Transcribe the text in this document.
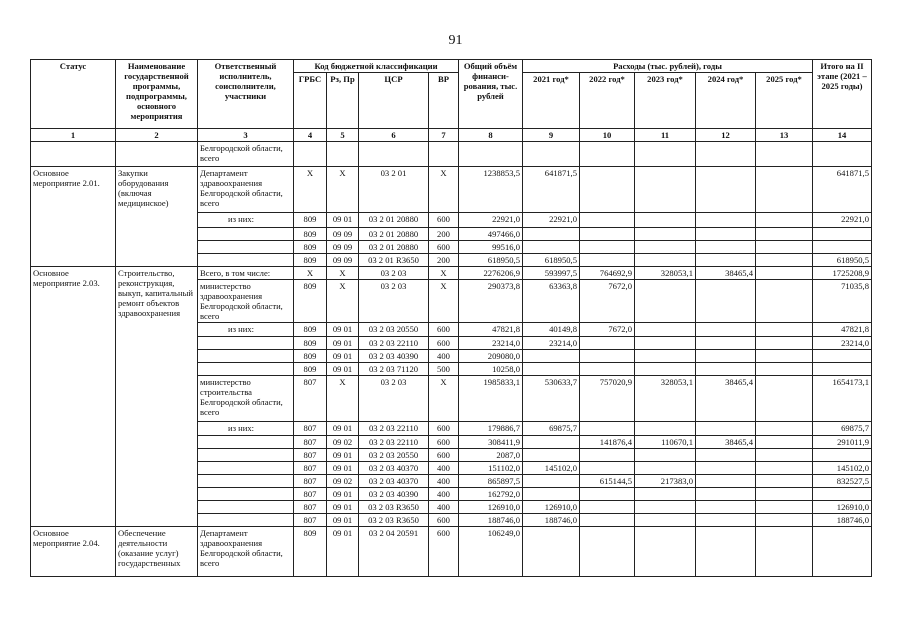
91
Статус	Наименование государственной программы, подпрограммы, основного мероприятия	Ответственный исполнитель, соисполнители, участники	Код бюджетной классификации				Общий объём финанси-рования, тыс. рублей	Расходы (тыс. рублей), годы					Итого на II этапе (2021 – 2025 годы)
			ГРБС	Рз, Пр	ЦСР	ВР		2021 год*	2022 год*	2023 год*	2024 год*	2025 год*	
1	2	3	4	5	6	7	8	9	10	11	12	13	14
		Белгородской области, всего											
Основное мероприятие 2.01.	Закупки оборудования (включая медицинское)	Департамент здравоохранения Белгородской области, всего	Х	Х	03 2 01	Х	1238853,5	641871,5					641871,5
		из них:	809	09 01	03 2 01 20880	600	22921,0	22921,0					22921,0
			809	09 09	03 2 01 20880	200	497466,0						
			809	09 09	03 2 01 20880	600	99516,0						
			809	09 09	03 2 01 R3650	200	618950,5	618950,5					618950,5
Основное мероприятие 2.03.	Строительство, реконструкция, выкуп, капитальный ремонт объектов здравоохранения	Всего, в том числе:	Х	Х	03 2 03	Х	2276206,9	593997,5	764692,9	328053,1	38465,4		1725208,9
		министерство здравоохранения Белгородской области, всего	809	Х	03 2 03	Х	290373,8	63363,8	7672,0				71035,8
		из них:	809	09 01	03 2 03 20550	600	47821,8	40149,8	7672,0				47821,8
			809	09 01	03 2 03 22110	600	23214,0	23214,0					23214,0
			809	09 01	03 2 03 40390	400	209080,0						
			809	09 01	03 2 03 71120	500	10258,0						
		министерство строительства Белгородской области, всего	807	Х	03 2 03	Х	1985833,1	530633,7	757020,9	328053,1	38465,4		1654173,1
		из них:	807	09 01	03 2 03 22110	600	179886,7	69875,7					69875,7
			807	09 02	03 2 03 22110	600	308411,9		141876,4	110670,1	38465,4		291011,9
			807	09 01	03 2 03 20550	600	2087,0						
			807	09 01	03 2 03 40370	400	151102,0	145102,0					145102,0
			807	09 02	03 2 03 40370	400	865897,5		615144,5	217383,0			832527,5
			807	09 01	03 2 03 40390	400	162792,0						
			807	09 01	03 2 03 R3650	400	126910,0	126910,0					126910,0
			807	09 01	03 2 03 R3650	600	188746,0	188746,0					188746,0
Основное мероприятие 2.04.	Обеспечение деятельности (оказание услуг) государственных	Департамент здравоохранения Белгородской области, всего	809	09 01	03 2 04 20591	600	106249,0						
